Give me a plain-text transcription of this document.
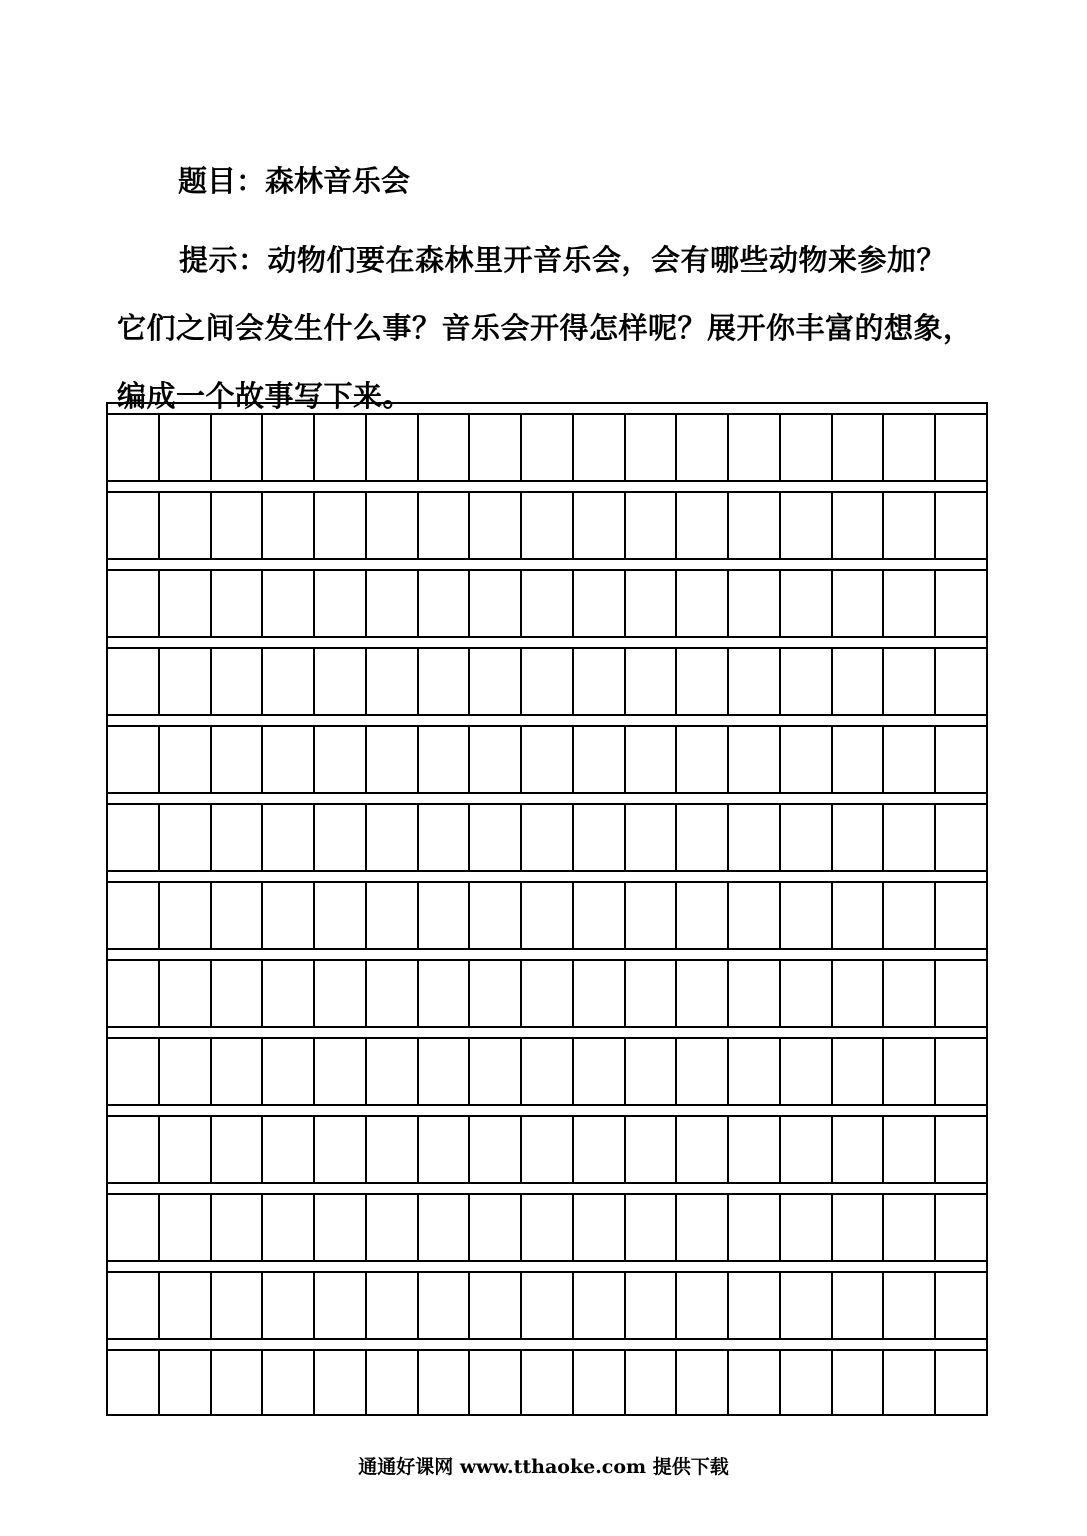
题目：森林音乐会

提示：动物们要在森林里开音乐会，会有哪些动物来参加？它们之间会发生什么事？音乐会开得怎样呢？展开你丰富的想象，编成一个故事写下来。

通通好课网 www.tthaoke.com 提供下载
